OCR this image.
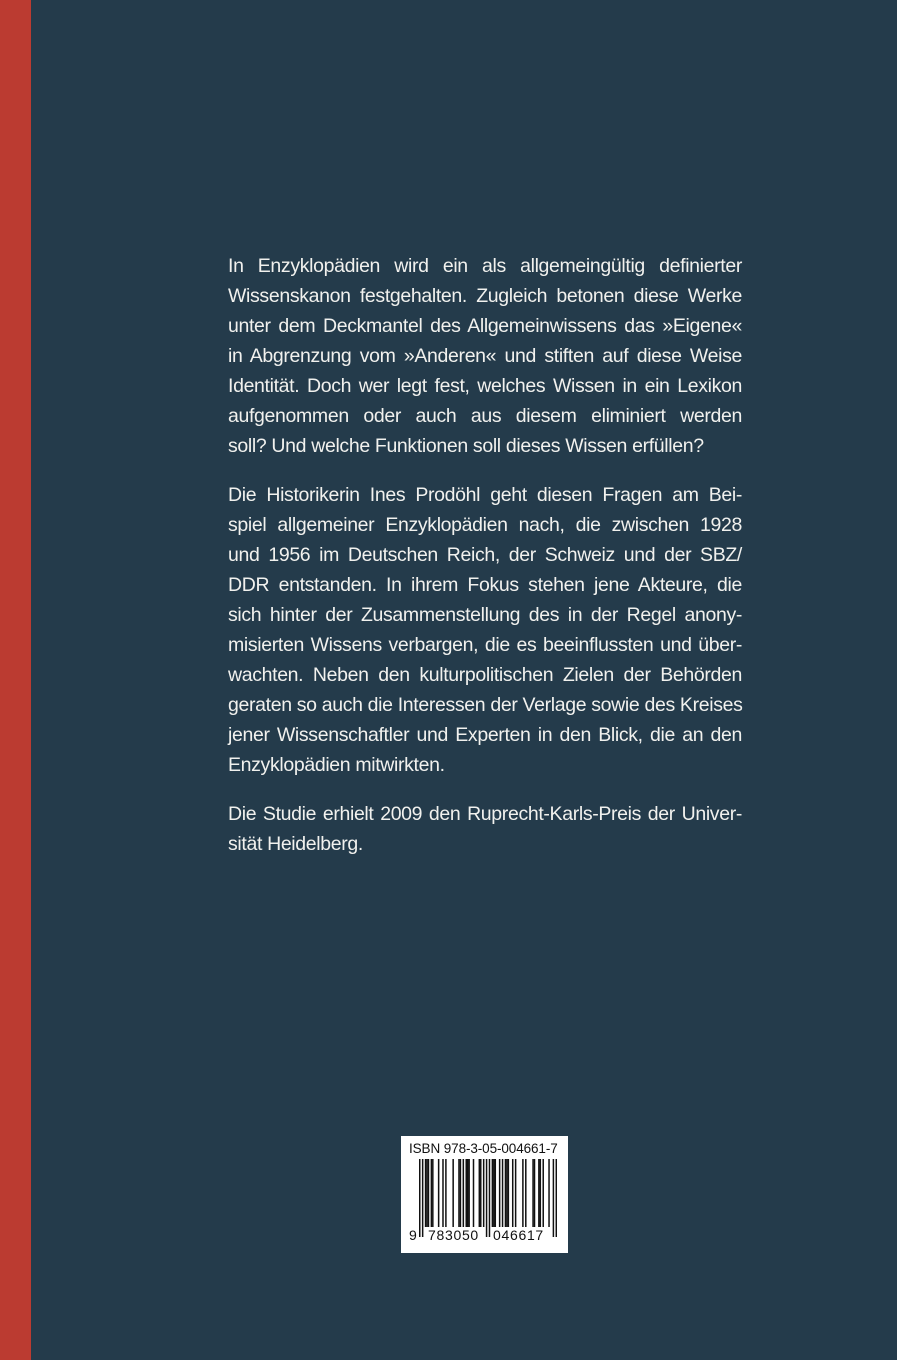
In Enzyklopädien wird ein als allgemeingültig definierter
Wissenskanon festgehalten. Zugleich betonen diese Werke
unter dem Deckmantel des Allgemeinwissens das »Eigene«
in Abgrenzung vom »Anderen« und stiften auf diese Weise
Identität. Doch wer legt fest, welches Wissen in ein Lexikon
aufgenommen oder auch aus diesem eliminiert werden
soll? Und welche Funktionen soll dieses Wissen erfüllen?

Die Historikerin Ines Prodöhl geht diesen Fragen am Bei-
spiel allgemeiner Enzyklopädien nach, die zwischen 1928
und 1956 im Deutschen Reich, der Schweiz und der SBZ/
DDR entstanden. In ihrem Fokus stehen jene Akteure, die
sich hinter der Zusammenstellung des in der Regel anony-
misierten Wissens verbargen, die es beeinflussten und über-
wachten. Neben den kulturpolitischen Zielen der Behörden
geraten so auch die Interessen der Verlage sowie des Kreises
jener Wissenschaftler und Experten in den Blick, die an den
Enzyklopädien mitwirkten.

Die Studie erhielt 2009 den Ruprecht-Karls-Preis der Univer-
sität Heidelberg.

ISBN 978-3-05-004661-7
9 783050 046617
